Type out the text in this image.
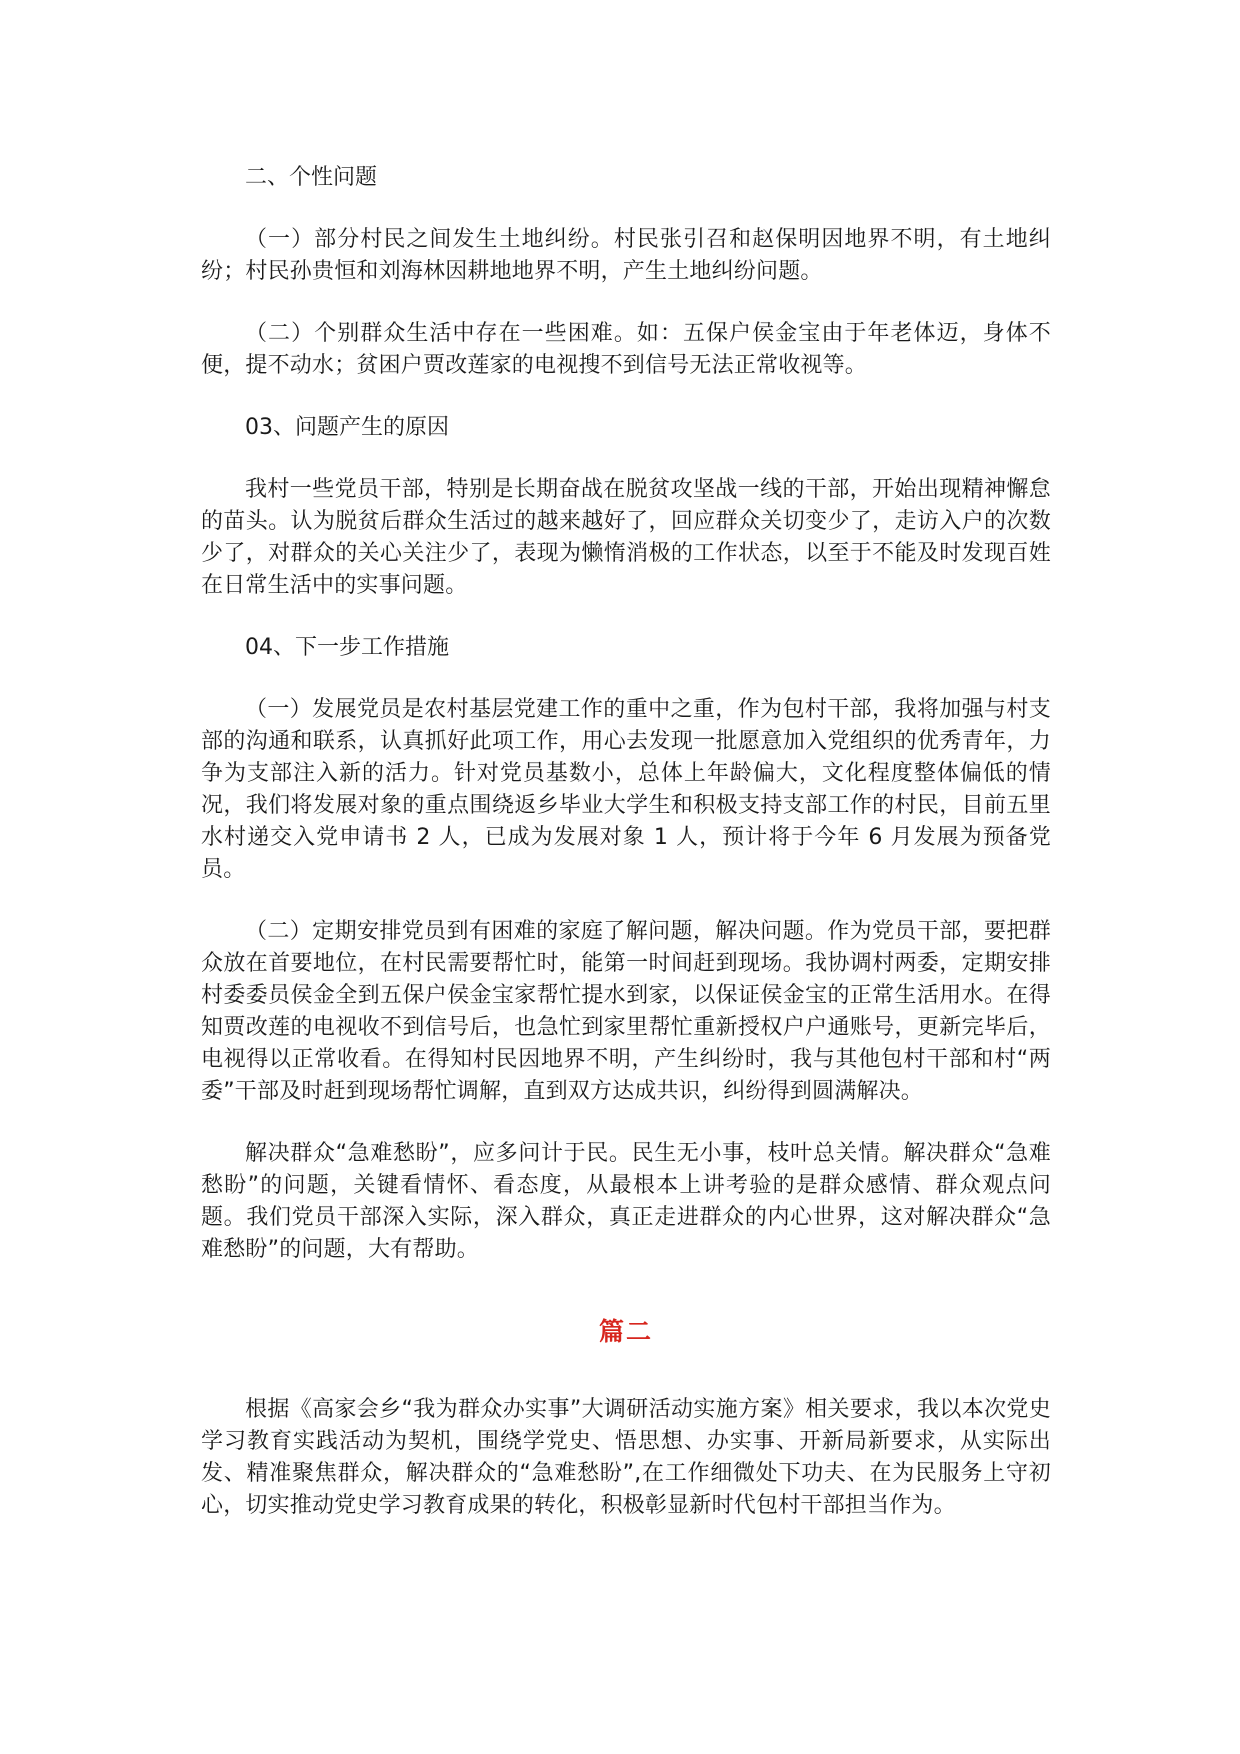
二、个性问题

（一）部分村民之间发生土地纠纷。村民张引召和赵保明因地界不明，有土地纠纷；村民孙贵恒和刘海林因耕地地界不明，产生土地纠纷问题。

（二）个别群众生活中存在一些困难。如：五保户侯金宝由于年老体迈，身体不便，提不动水；贫困户贾改莲家的电视搜不到信号无法正常收视等。

03、问题产生的原因

我村一些党员干部，特别是长期奋战在脱贫攻坚战一线的干部，开始出现精神懈怠的苗头。认为脱贫后群众生活过的越来越好了，回应群众关切变少了，走访入户的次数少了，对群众的关心关注少了，表现为懒惰消极的工作状态，以至于不能及时发现百姓在日常生活中的实事问题。

04、下一步工作措施

（一）发展党员是农村基层党建工作的重中之重，作为包村干部，我将加强与村支部的沟通和联系，认真抓好此项工作，用心去发现一批愿意加入党组织的优秀青年，力争为支部注入新的活力。针对党员基数小，总体上年龄偏大，文化程度整体偏低的情况，我们将发展对象的重点围绕返乡毕业大学生和积极支持支部工作的村民，目前五里水村递交入党申请书 2 人，已成为发展对象 1 人，预计将于今年 6 月发展为预备党员。

（二）定期安排党员到有困难的家庭了解问题，解决问题。作为党员干部，要把群众放在首要地位，在村民需要帮忙时，能第一时间赶到现场。我协调村两委，定期安排村委委员侯金全到五保户侯金宝家帮忙提水到家，以保证侯金宝的正常生活用水。在得知贾改莲的电视收不到信号后，也急忙到家里帮忙重新授权户户通账号，更新完毕后，电视得以正常收看。在得知村民因地界不明，产生纠纷时，我与其他包村干部和村“两委”干部及时赶到现场帮忙调解，直到双方达成共识，纠纷得到圆满解决。

解决群众“急难愁盼”，应多问计于民。民生无小事，枝叶总关情。解决群众“急难愁盼”的问题，关键看情怀、看态度，从最根本上讲考验的是群众感情、群众观点问题。我们党员干部深入实际，深入群众，真正走进群众的内心世界，这对解决群众“急难愁盼”的问题，大有帮助。

篇二

根据《高家会乡“我为群众办实事”大调研活动实施方案》相关要求，我以本次党史学习教育实践活动为契机，围绕学党史、悟思想、办实事、开新局新要求，从实际出发、精准聚焦群众，解决群众的“急难愁盼”,在工作细微处下功夫、在为民服务上守初心，切实推动党史学习教育成果的转化，积极彰显新时代包村干部担当作为。
